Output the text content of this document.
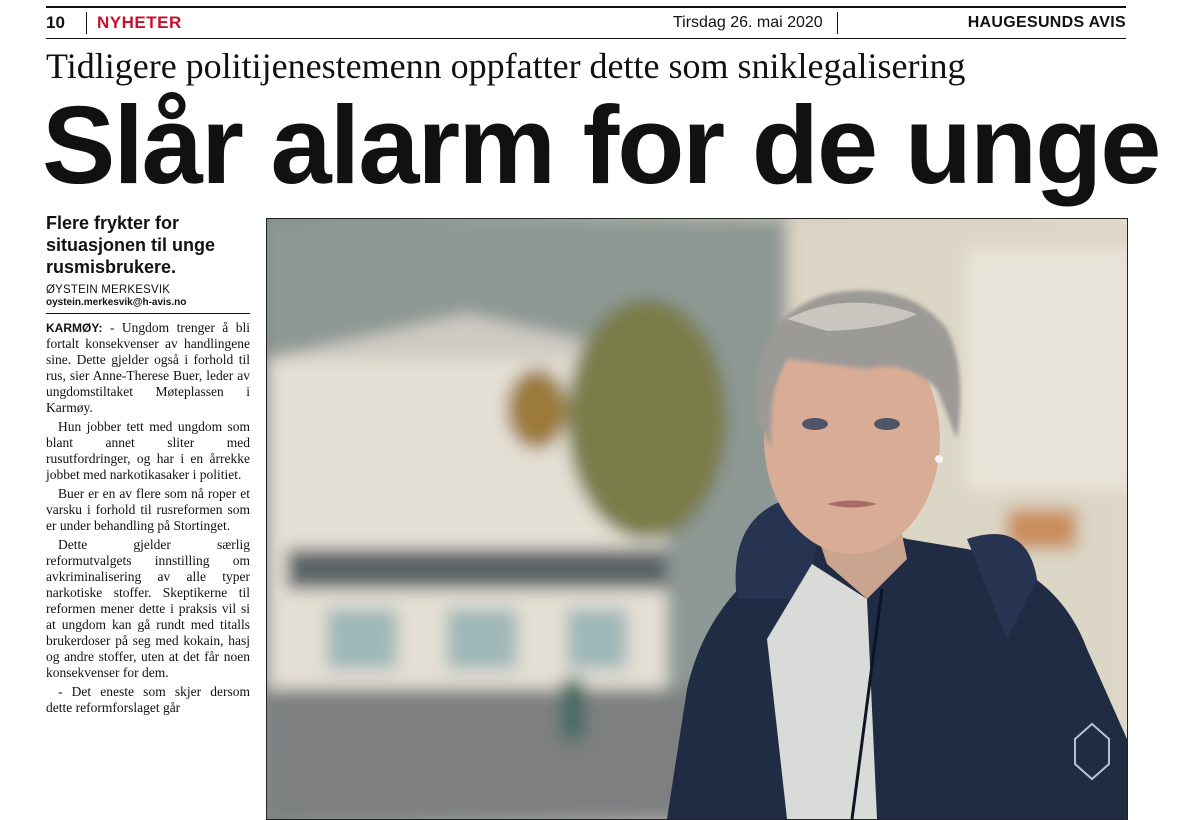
10	NYHETER	Tirsdag 26. mai 2020	HAUGESUNDS AVIS
Tidligere politijenestemenn oppfatter dette som sniklegalisering
Slår alarm for de unge
Flere frykter for situasjonen til unge rusmisbrukere.
ØYSTEIN MERKESVIK
oystein.merkesvik@h-avis.no

KARMØY: - Ungdom trenger å bli fortalt konsekvenser av handlingene sine. Dette gjelder også i forhold til rus, sier Anne-Therese Buer, leder av ungdomstiltaket Møteplassen i Karmøy.

Hun jobber tett med ungdom som blant annet sliter med rusutfordringer, og har i en årrekke jobbet med narkotikasaker i politiet.

Buer er en av flere som nå roper et varsku i forhold til rusreformen som er under behandling på Stortinget.

Dette gjelder særlig reformutvalgets innstilling om avkriminalisering av alle typer narkotiske stoffer. Skeptikerne til reformen mener dette i praksis vil si at ungdom kan gå rundt med titalls brukerdoser på seg med kokain, hasj og andre stoffer, uten at det får noen konsekvenser for dem.

- Det eneste som skjer dersom dette reformforslaget går
